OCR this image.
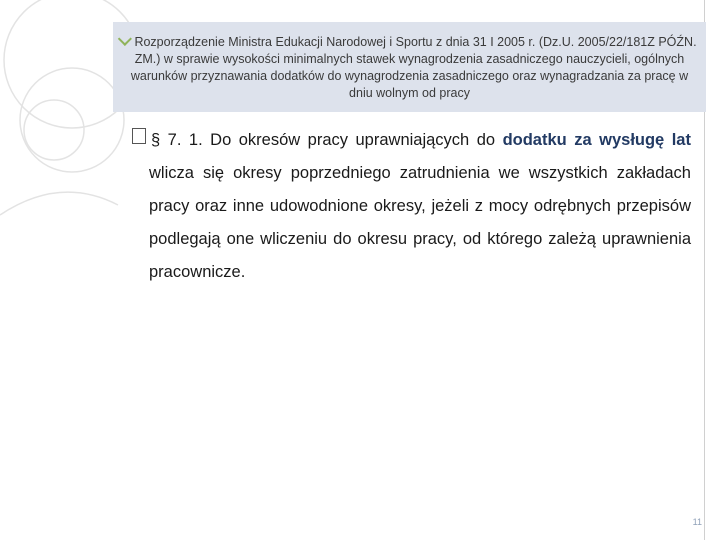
Rozporządzenie Ministra Edukacji Narodowej i Sportu z dnia 31 I 2005 r. (Dz.U. 2005/22/181Z PÓŹN. ZM.) w sprawie wysokości minimalnych stawek wynagrodzenia zasadniczego nauczycieli, ogólnych warunków przyznawania dodatków do wynagrodzenia zasadniczego oraz wynagradzania za pracę w dniu wolnym od pracy
§ 7. 1. Do okresów pracy uprawniających do dodatku za wysługę lat wlicza się okresy poprzedniego zatrudnienia we wszystkich zakładach pracy oraz inne udowodnione okresy, jeżeli z mocy odrębnych przepisów podlegają one wliczeniu do okresu pracy, od którego zależą uprawnienia pracownicze.
11
